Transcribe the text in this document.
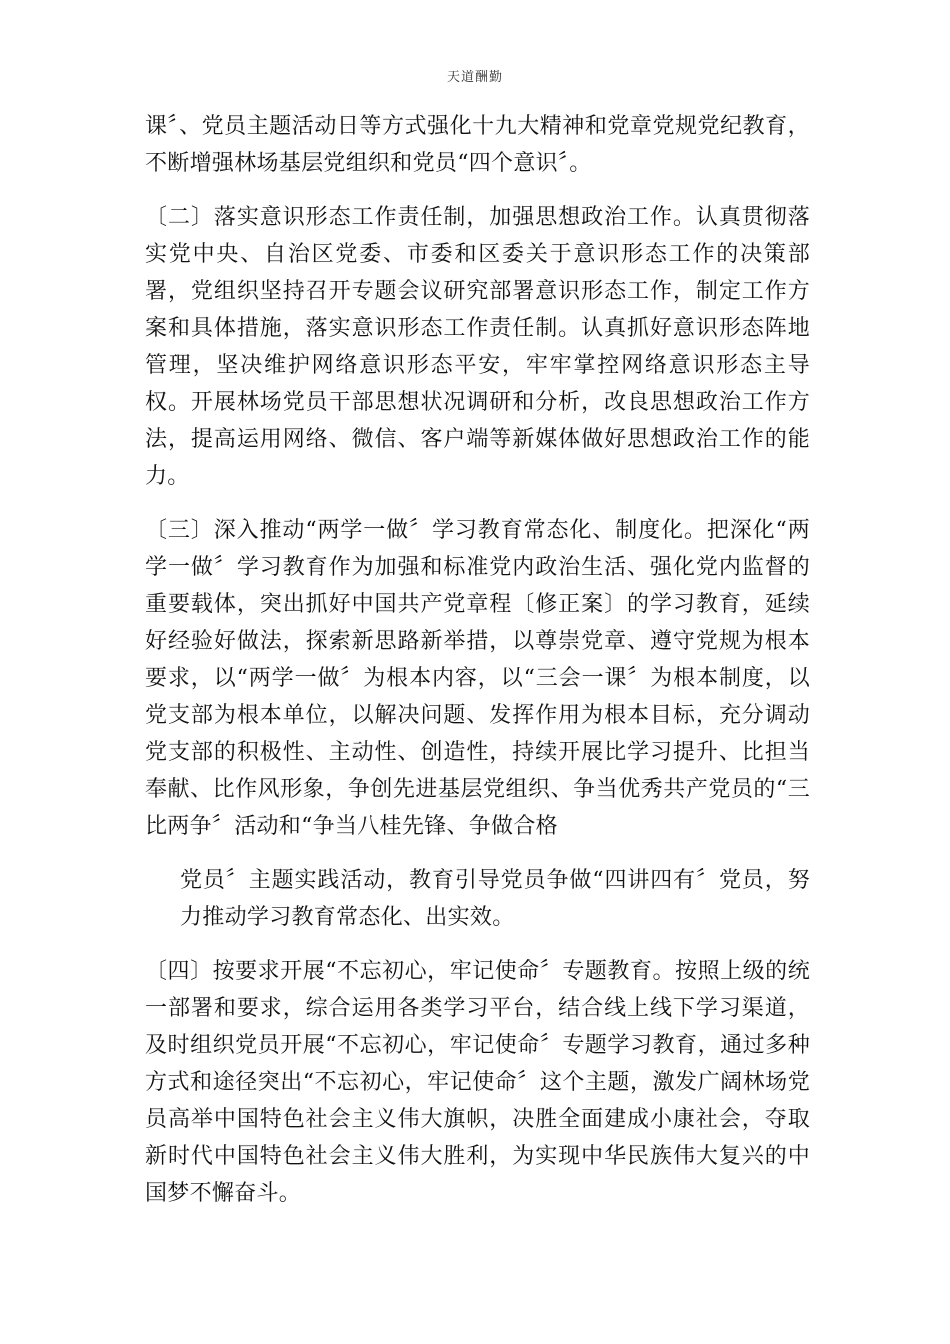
天道酬勤

课〞、党员主题活动日等方式强化十九大精神和党章党规党纪教育，不断增强林场基层党组织和党员“四个意识〞。

〔二〕落实意识形态工作责任制，加强思想政治工作。认真贯彻落实党中央、自治区党委、市委和区委关于意识形态工作的决策部署，党组织坚持召开专题会议研究部署意识形态工作，制定工作方案和具体措施，落实意识形态工作责任制。认真抓好意识形态阵地管理，坚决维护网络意识形态平安，牢牢掌控网络意识形态主导权。开展林场党员干部思想状况调研和分析，改良思想政治工作方法，提高运用网络、微信、客户端等新媒体做好思想政治工作的能力。

〔三〕深入推动“两学一做〞学习教育常态化、制度化。把深化“两学一做〞学习教育作为加强和标准党内政治生活、强化党内监督的重要载体，突出抓好中国共产党章程〔修正案〕的学习教育，延续好经验好做法，探索新思路新举措，以尊崇党章、遵守党规为根本要求，以“两学一做〞为根本内容，以“三会一课〞为根本制度，以党支部为根本单位，以解决问题、发挥作用为根本目标，充分调动党支部的积极性、主动性、创造性，持续开展比学习提升、比担当奉献、比作风形象，争创先进基层党组织、争当优秀共产党员的“三比两争〞活动和“争当八桂先锋、争做合格

党员〞主题实践活动，教育引导党员争做“四讲四有〞党员，努力推动学习教育常态化、出实效。

〔四〕按要求开展“不忘初心，牢记使命〞专题教育。按照上级的统一部署和要求，综合运用各类学习平台，结合线上线下学习渠道，及时组织党员开展“不忘初心，牢记使命〞专题学习教育，通过多种方式和途径突出“不忘初心，牢记使命〞这个主题，激发广阔林场党员高举中国特色社会主义伟大旗帜，决胜全面建成小康社会，夺取新时代中国特色社会主义伟大胜利，为实现中华民族伟大复兴的中国梦不懈奋斗。
